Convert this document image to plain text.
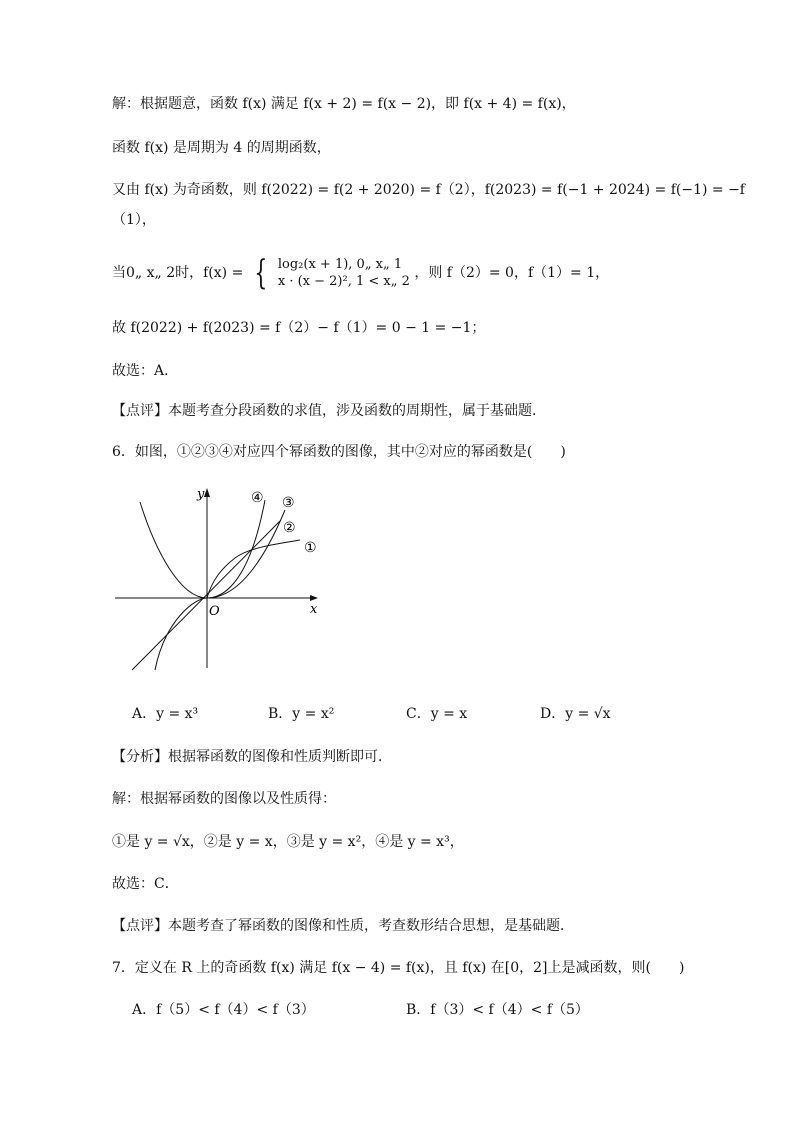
解：根据题意，函数 f(x) 满足 f(x + 2) = f(x − 2)，即 f(x + 4) = f(x)，
函数 f(x) 是周期为 4 的周期函数，
又由 f(x) 为奇函数，则 f(2022) = f(2 + 2020) = f（2），f(2023) = f(−1 + 2024) = f(−1) = −f
（1），
当0„ x„ 2时，f(x) = { log₂(x + 1), 0„ x„ 1
x · (x − 2)², 1 < x„ 2
，则 f（2）= 0，f（1）= 1，
故 f(2022) + f(2023) = f（2）− f（1）= 0 − 1 = −1；
故选：A．
【点评】本题考查分段函数的求值，涉及函数的周期性，属于基础题．
6．如图，①②③④对应四个幂函数的图像，其中②对应的幂函数是(　　)
x
y
O
①
②
③
④
A．y = x³	B．y = x²	C．y = x	D．y = √x
【分析】根据幂函数的图像和性质判断即可．
解：根据幂函数的图像以及性质得：
①是 y = √x，②是 y = x，③是 y = x²，④是 y = x³，
故选：C．
【点评】本题考查了幂函数的图像和性质，考查数形结合思想，是基础题．
7．定义在 R 上的奇函数 f(x) 满足 f(x − 4) = f(x)，且 f(x) 在[0，2]上是减函数，则(　　)
A．f（5）< f（4）< f（3）	B．f（3）< f（4）< f（5）
